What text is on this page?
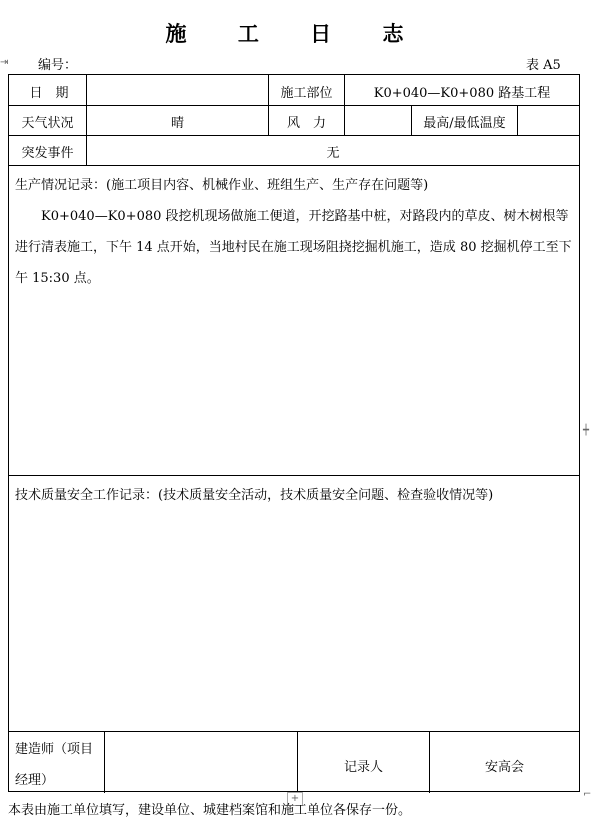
施 工 日 志
编号：	表 A5
⇥
┿
⌐
日　期	施工部位	K0+040—K0+080 路基工程
天气状况	晴	风　力	最高/最低温度
突发事件	无
生产情况记录：(施工项目内容、机械作业、班组生产、生产存在问题等)
K0+040—K0+080 段挖机现场做施工便道，开挖路基中桩，对路段内的草皮、树木树根等进行清表施工，下午 14 点开始，当地村民在施工现场阻挠挖掘机施工，造成 80 挖掘机停工至下午 15:30 点。
技术质量安全工作记录：(技术质量安全活动，技术质量安全问题、检查验收情况等)
建造师（项目经理）
记录人	安高会
+
本表由施工单位填写，建设单位、城建档案馆和施工单位各保存一份。
